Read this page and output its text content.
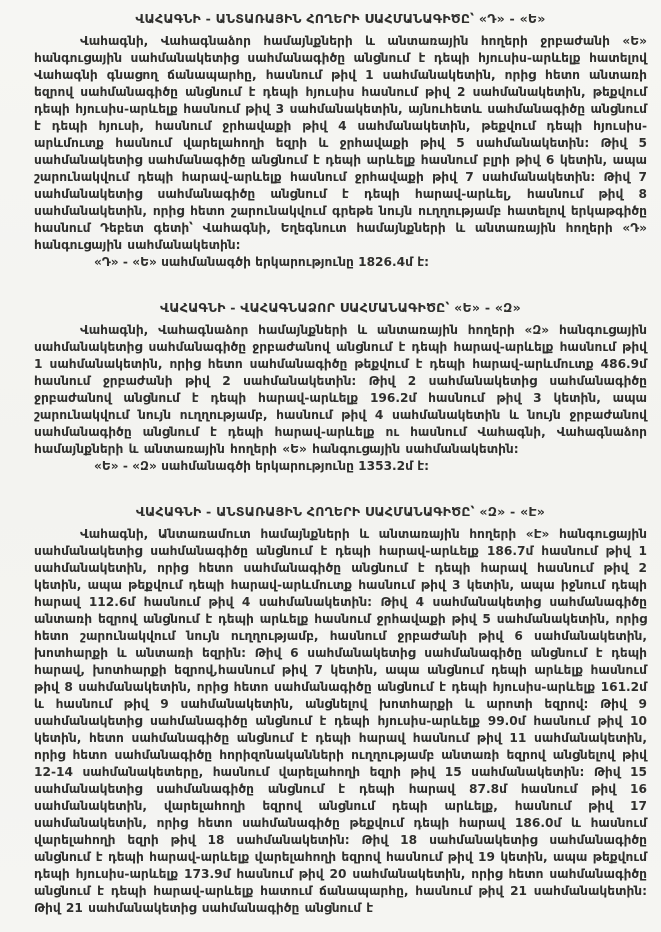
ՎԱՀԱԳՆԻ - ԱՆՏԱՌԱՅԻՆ ՀՈՂԵՐԻ ՍԱՀՄԱՆԱԳԻԾԸ՝ «Դ» - «Ե»

Վահագնի, Վահագնաձոր համայնքների և անտառային հողերի ջրբաժանի «Ե» հանգուցային սահմանակետից սահմանագիծը անցնում է դեպի հյուսիս-արևելք հատելով Վահագնի գնացող ճանապարհը, հասնում թիվ 1 սահմանակետին, որից հետո անտառի եզրով սահմանագիծը անցնում է դեպի հյուսիս հասնում թիվ 2 սահմանակետին, թեքվում դեպի հյուսիս-արևելք հասնում թիվ 3 սահմանակետին, այնուհետև սահմանագիծը անցնում է դեպի հյուսի, հասնում ջրհավաքի թիվ 4 սահմանակետին, թեքվում դեպի հյուսիս-արևմուտք հասնում վարելահողի եզրի և ջրհավաքի թիվ 5 սահմանակետին: Թիվ 5 սահմանակետից սահմանագիծը անցնում է դեպի արևելք հասնում բլրի թիվ 6 կետին, ապա շարունակվում դեպի հարավ-արևելք հասնում ջրհավաքի թիվ 7 սահմանակետին: Թիվ 7 սահմանակետից սահմանագիծը անցնում է դեպի հարավ-արևել, հասնում թիվ 8 սահմանակետին, որից հետո շարունակվում գրեթե նույն ուղղությամբ հատելով երկաթգիծը հասնում Դեբետ գետի՝ Վահագնի, Եղեգնուտ համայնքների և անտառային հողերի «Դ» հանգուցային սահմանակետին:

«Դ» - «Ե» սահմանագծի երկարությունը 1826.4մ է:

ՎԱՀԱԳՆԻ - ՎԱՀԱԳՆԱՁՈՐ ՍԱՀՄԱՆԱԳԻԾԸ՝ «Ե» - «Զ»

Վահագնի, Վահագնաձոր համայնքների և անտառային հողերի «Զ» հանգուցային սահմանակետից սահմանագիծը ջրբաժանով անցնում է դեպի հարավ-արևելք հասնում թիվ 1 սահմանակետին, որից հետո սահմանագիծը թեքվում է դեպի հարավ-արևմուտք 486.9մ հասնում ջրբաժանի թիվ 2 սահմանակետին: Թիվ 2 սահմանակետից սահմանագիծը ջրբաժանով անցնում է դեպի հարավ-արևելք 196.2մ հասնում թիվ 3 կետին, ապա շարունակվում նույն ուղղությամբ, հասնում թիվ 4 սահմանակետին և նույն ջրբաժանով սահմանագիծը անցնում է դեպի հարավ-արևելք ու հասնում Վահագնի, Վահագնաձոր համայնքների և անտառային հողերի «Ե» հանգուցային սահմանակետին:

«Ե» - «Զ» սահմանագծի երկարությունը 1353.2մ է:

ՎԱՀԱԳՆԻ - ԱՆՏԱՌԱՅԻՆ ՀՈՂԵՐԻ ՍԱՀՄԱՆԱԳԻԾԸ՝ «Զ» - «Է»

Վահագնի, Անտառամուտ համայնքների և անտառային հողերի «Է» հանգուցային սահմանակետից սահմանագիծը անցնում է դեպի հարավ-արևելք 186.7մ հասնում թիվ 1 սահմանակետին, որից հետո սահմանագիծը անցնում է դեպի հարավ հասնում թիվ 2 կետին, ապա թեքվում դեպի հարավ-արևմուտք հասնում թիվ 3 կետին, ապա իջնում դեպի հարավ 112.6մ հասնում թիվ 4 սահմանակետին: Թիվ 4 սահմանակետից սահմանագիծը անտառի եզրով անցնում է դեպի արևելք հասնում ջրհավաքի թիվ 5 սահմանակետին, որից հետո շարունակվում նույն ուղղությամբ, հասնում ջրբաժանի թիվ 6 սահմանակետին, խոտհարքի և անտառի եզրին: Թիվ 6 սահմանակետից սահմանագիծը անցնում է դեպի հարավ, խոտհարքի եզրով,հասնում թիվ 7 կետին, ապա անցնում դեպի արևելք հասնում թիվ 8 սահմանակետին, որից հետո սահմանագիծը անցնում է դեպի հյուսիս-արևելք 161.2մ և հասնում թիվ 9 սահմանակետին, անցնելով խոտհարքի և արոտի եզրով: Թիվ 9 սահմանակետից սահմանագիծը անցնում է դեպի հյուսիս-արևելք 99.0մ հասնում թիվ 10 կետին, հետո սահմանագիծը անցնում է դեպի հարավ հասնում թիվ 11 սահմանակետին, որից հետո սահմանագիծը հորիզոնականների ուղղությամբ անտառի եզրով անցնելով թիվ 12-14 սահմանակետերը, հասնում վարելահողի եզրի թիվ 15 սահմանակետին: Թիվ 15 սահմանակետից սահմանագիծը անցնում է դեպի հարավ 87.8մ հասնում թիվ 16 սահմանակետին, վարելահողի եզրով անցնում դեպի արևելք, հասնում թիվ 17 սահմանակետին, որից հետո սահմանագիծը թեքվում դեպի հարավ 186.0մ և հասնում վարելահողի եզրի թիվ 18 սահմանակետին: Թիվ 18 սահմանակետից սահմանագիծը անցնում է դեպի հարավ-արևելք վարելահողի եզրով հասնում թիվ 19 կետին, ապա թեքվում դեպի հյուսիս-արևելք 173.9մ հասնում թիվ 20 սահմանակետին, որից հետո սահմանագիծը անցնում է դեպի հարավ-արևելք հատում ճանապարհը, հասնում թիվ 21 սահմանակետին: Թիվ 21 սահմանակետից սահմանագիծը անցնում է
